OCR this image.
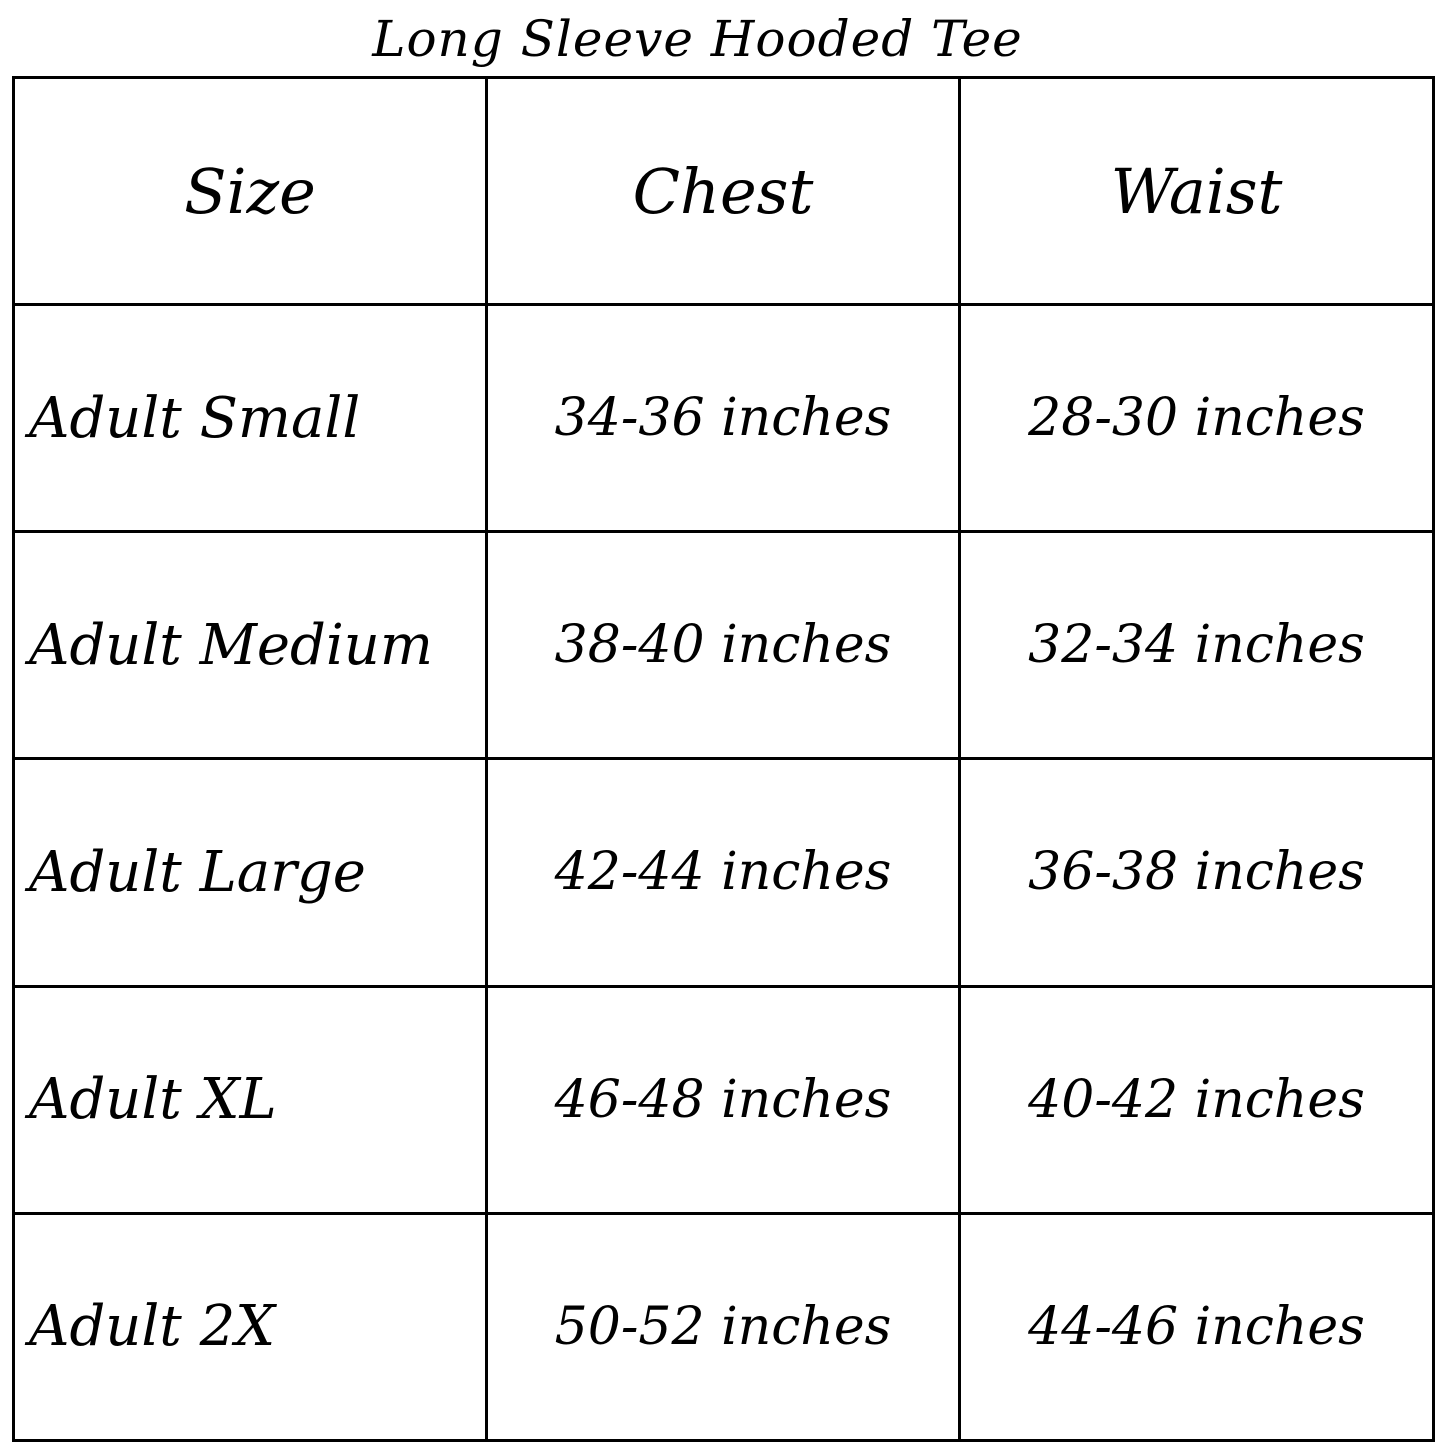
Long Sleeve Hooded Tee
Size	Chest	Waist
Adult Small	34-36 inches	28-30 inches
Adult Medium	38-40 inches	32-34 inches
Adult Large	42-44 inches	36-38 inches
Adult XL	46-48 inches	40-42 inches
Adult 2X	50-52 inches	44-46 inches
